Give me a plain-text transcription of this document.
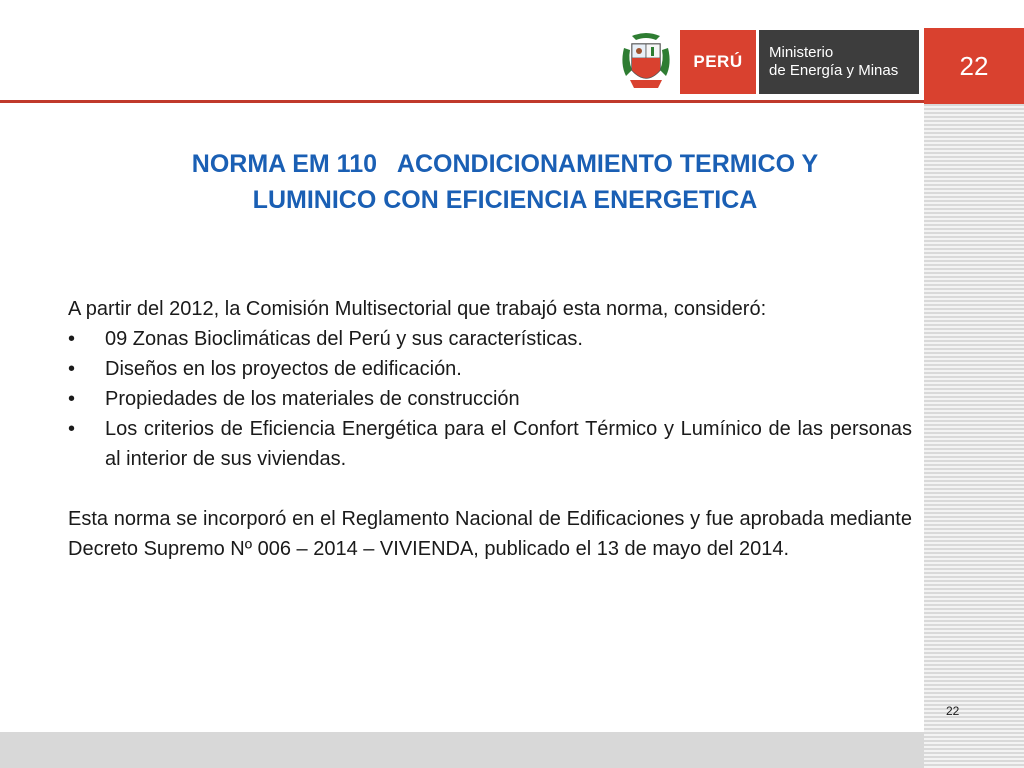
PERÚ	Ministerio
de Energía y Minas	22
NORMA EM 110   ACONDICIONAMIENTO TERMICO Y
LUMINICO CON EFICIENCIA ENERGETICA

A partir del 2012, la Comisión Multisectorial que trabajó esta norma, consideró:

• 09 Zonas Bioclimáticas del Perú y sus características.
• Diseños en los proyectos de edificación.
• Propiedades de los materiales de construcción
• Los criterios de Eficiencia Energética para el Confort Térmico y Lumínico de las personas al interior de sus viviendas.

Esta norma se incorporó en el Reglamento Nacional de Edificaciones y fue aprobada mediante Decreto Supremo Nº 006 – 2014 – VIVIENDA, publicado el 13 de mayo del 2014.

22
